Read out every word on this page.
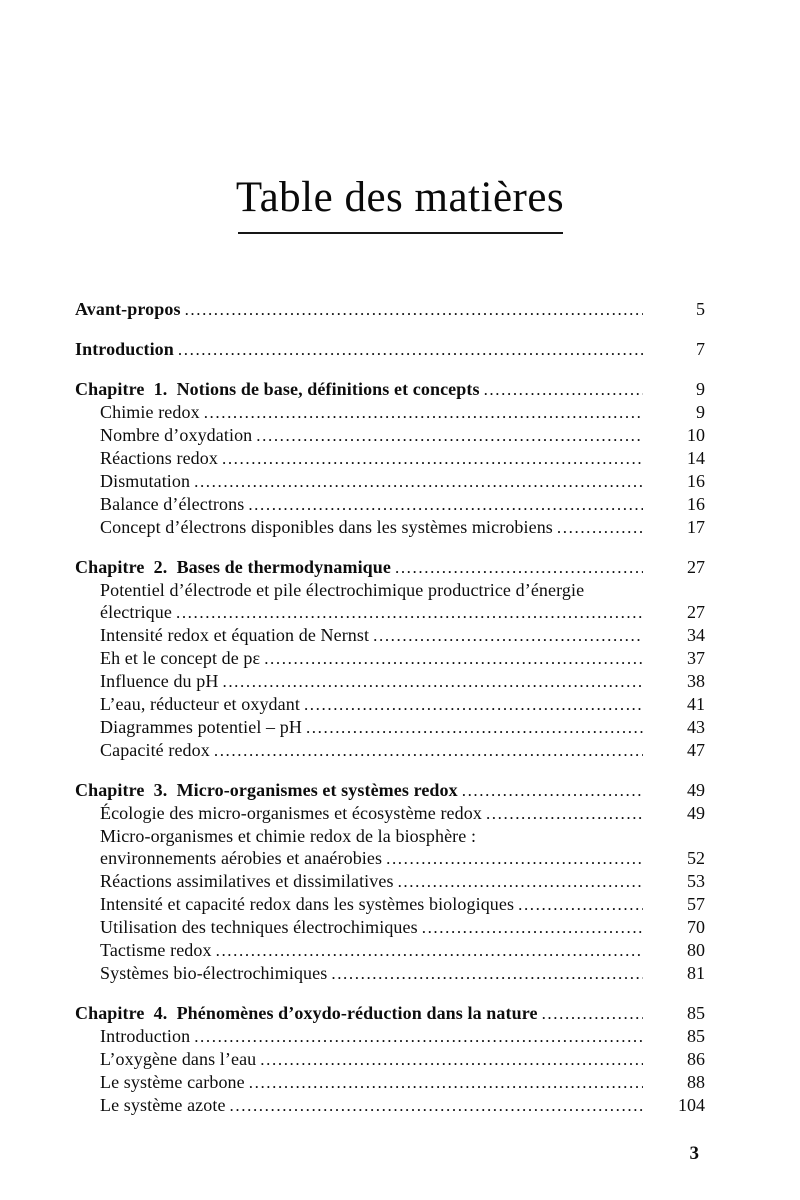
Table des matières
Avant-propos .....	5
Introduction .....	7
Chapitre  1.  Notions de base, définitions et concepts .....	9
Chimie redox .....	9
Nombre d’oxydation .....	10
Réactions redox .....	14
Dismutation .....	16
Balance d’électrons .....	16
Concept d’électrons disponibles dans les systèmes microbiens .....	17
Chapitre  2.  Bases de thermodynamique .....	27
Potentiel d’électrode et pile électrochimique productrice d’énergie
électrique .....	27
Intensité redox et équation de Nernst .....	34
Eh et le concept de pε .....	37
Influence du pH .....	38
L’eau, réducteur et oxydant .....	41
Diagrammes potentiel – pH .....	43
Capacité redox .....	47
Chapitre  3.  Micro-organismes et systèmes redox .....	49
Écologie des micro-organismes et écosystème redox .....	49
Micro-organismes et chimie redox de la biosphère :
environnements aérobies et anaérobies .....	52
Réactions assimilatives et dissimilatives .....	53
Intensité et capacité redox dans les systèmes biologiques .....	57
Utilisation des techniques électrochimiques .....	70
Tactisme redox .....	80
Systèmes bio-électrochimiques .....	81
Chapitre  4.  Phénomènes d’oxydo-réduction dans la nature .....	85
Introduction .....	85
L’oxygène dans l’eau .....	86
Le système carbone .....	88
Le système azote .....	104
3
